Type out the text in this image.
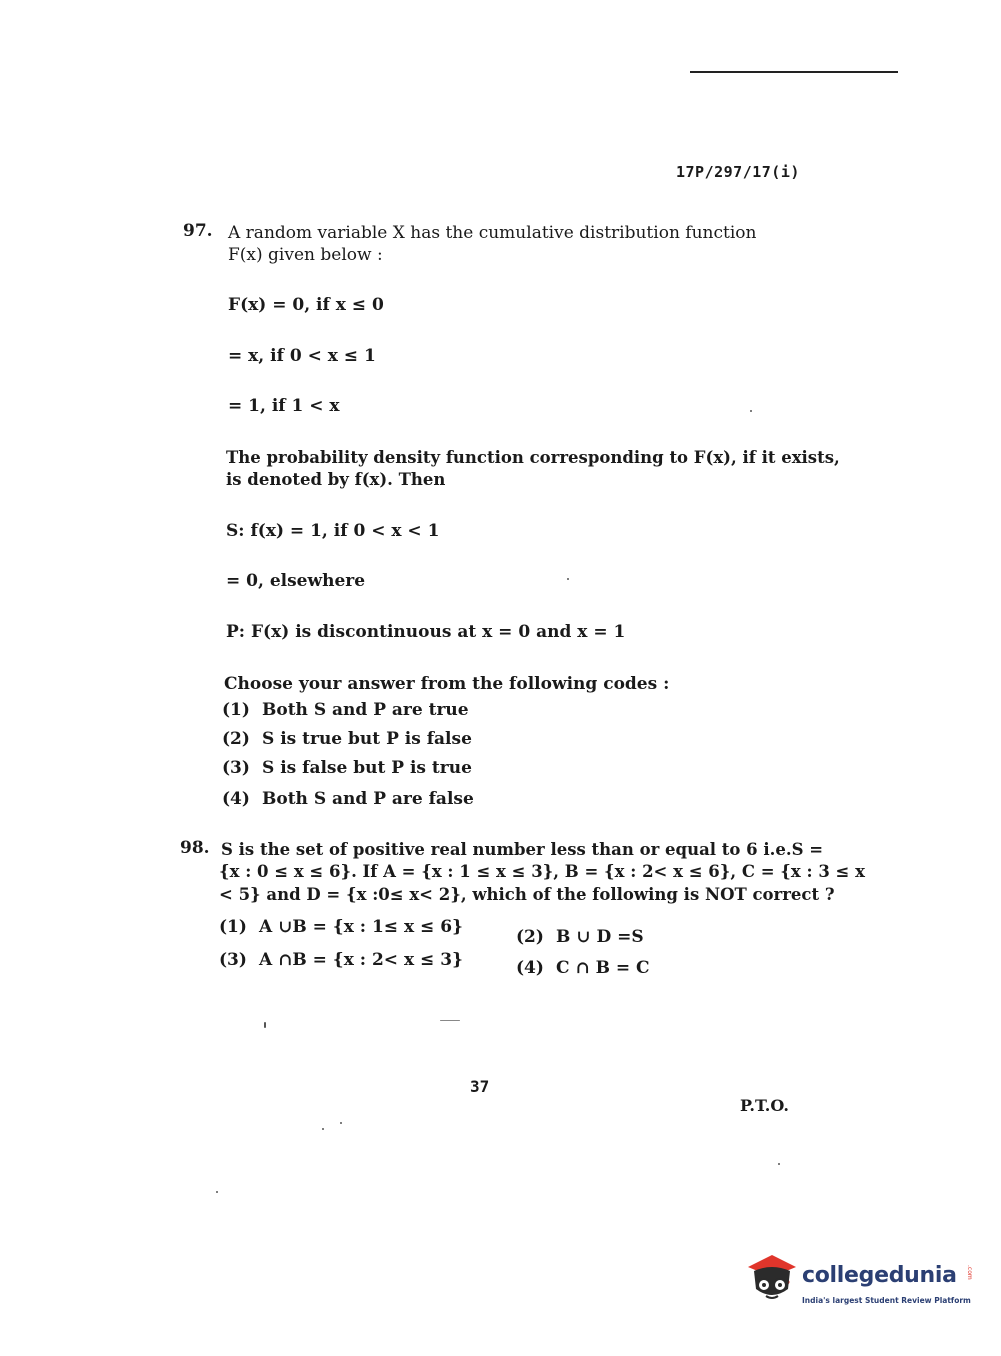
17P/297/17(i)
97. A random variable X has the cumulative distribution function
F(x) given below :
F(x) = 0, if x ≤ 0
= x, if 0 < x ≤ 1
= 1, if 1 < x
The probability density function corresponding to F(x), if it exists,
is denoted by f(x). Then
S: f(x) = 1, if 0 < x < 1
= 0, elsewhere
P: F(x) is discontinuous at x = 0 and x = 1
Choose your answer from the following codes :
(1) Both S and P are true
(2) S is true but P is false
(3) S is false but P is true
(4) Both S and P are false
98. S is the set of positive real number less than or equal to 6 i.e.S =
{x : 0 ≤ x ≤ 6}. If A = {x : 1 ≤ x ≤ 3}, B = {x : 2< x ≤ 6}, C = {x : 3 ≤ x
< 5} and D = {x :0≤ x< 2}, which of the following is NOT correct ?
(1) A ∪B = {x : 1≤ x ≤ 6}	(2) B ∪ D =S
(3) A ∩B = {x : 2< x ≤ 3}	(4) C ∩ B = C
37
P.T.O.
collegedunia .com
India's largest Student Review Platform
